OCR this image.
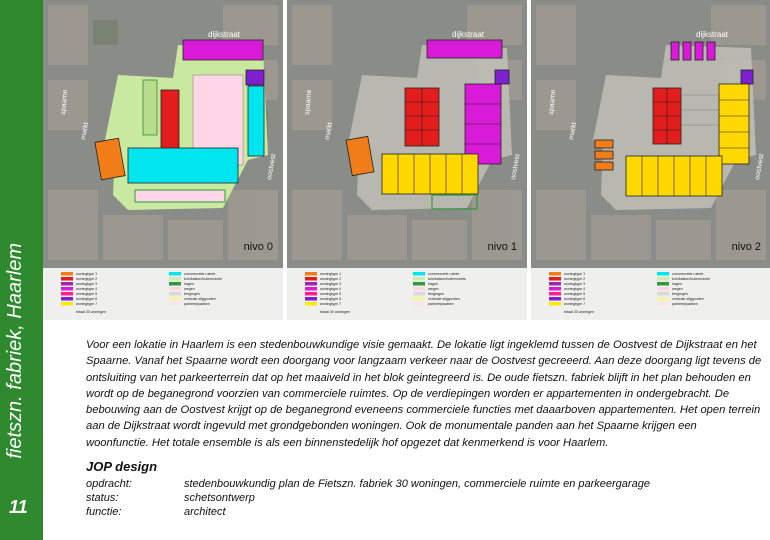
fietszn. fabriek, Haarlem
11
nivo 0
woningtype 1
woningtype 2
woningtype 3
woningtype 4
woningtype 5
woningtype 6
woningtype 7
commerciele ruimte
tuin/balkon/buitenruimte
hagen
wegen
bergingen
verticale stijgpunten
parkeerplaatsen
totaal 30 woningen
nivo 1
woningtype 1
woningtype 2
woningtype 3
woningtype 4
woningtype 5
woningtype 6
woningtype 7
commerciele ruimte
tuin/balkon/buitenruimte
hagen
wegen
bergingen
verticale stijgpunten
parkeerplaatsen
totaal 30 woningen
nivo 2
woningtype 1
woningtype 2
woningtype 3
woningtype 4
woningtype 5
woningtype 6
woningtype 7
commerciele ruimte
tuin/balkon/buitenruimte
hagen
wegen
bergingen
verticale stijgpunten
parkeerplaatsen
totaal 30 woningen
dijkstraat
spaarne
markt
oostvest
dijkstraat
spaarne
markt
oostvest
dijkstraat
spaarne
markt
oostvest

Voor een lokatie in Haarlem is een stedenbouwkundige visie gemaakt. De lokatie ligt ingeklemd tussen de Oostvest de Dijkstraat en het Spaarne. Vanaf het Spaarne wordt een doorgang voor langzaam verkeer naar de Oostvest gecreeerd. Aan deze doorgang ligt tevens de ontsluiting van het parkeerterrein dat op het maaiveld in het blok geintegreerd is. De oude fietszn. fabriek blijft in het plan behouden en wordt op de beganegrond voorzien van commerciele ruimtes. Op de verdiepingen worden er appartementen in ondergebracht. De bebouwing aan de Oostvest krijgt op de beganegrond eveneens commerciele functies met daaarboven appartementen. Het open terrein aan de Dijkstraat wordt ingevuld met grondgebonden woningen. Ook de monumentale panden aan het Spaarne krijgen een woonfunctie. Het totale ensemble is als een binnenstedelijk hof opgezet dat kenmerkend is voor Haarlem.

JOP design
opdracht:	stedenbouwkundig plan de Fietszn. fabriek 30 woningen, commerciele ruimte en parkeergarage
status:	schetsontwerp
functie:	architect
